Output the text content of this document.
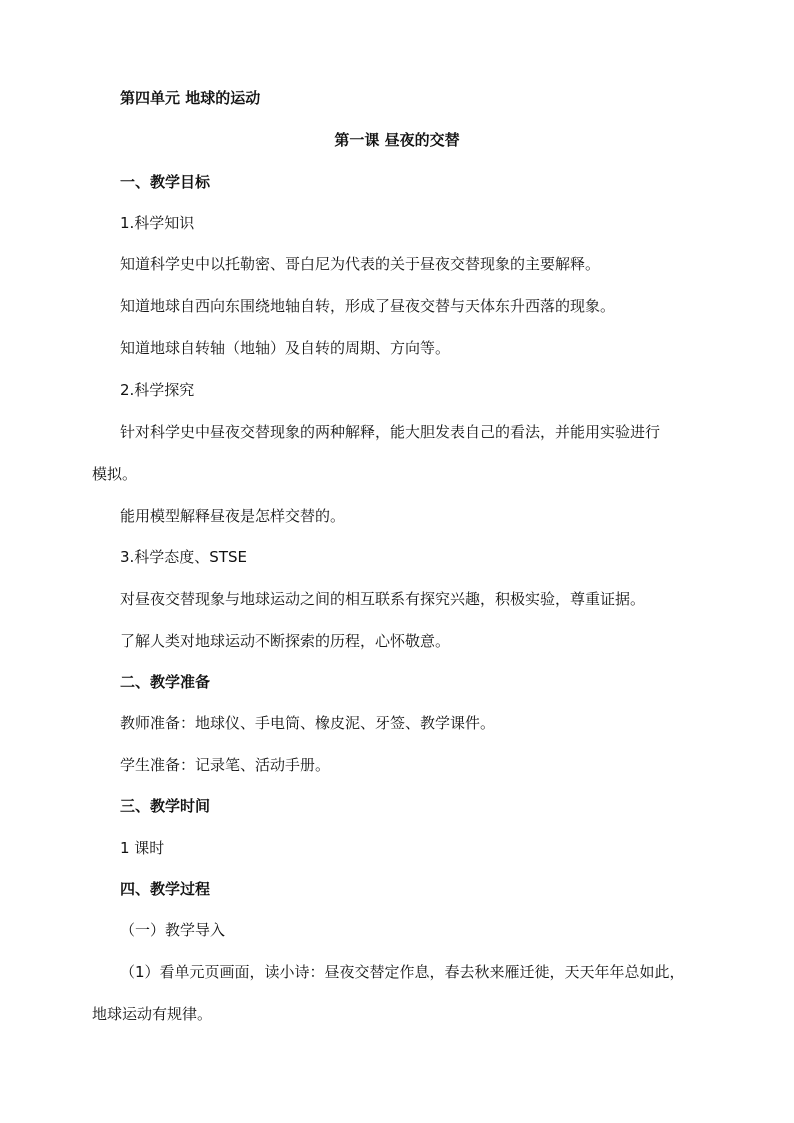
第四单元 地球的运动
第一课 昼夜的交替
一、教学目标
1.科学知识
知道科学史中以托勒密、哥白尼为代表的关于昼夜交替现象的主要解释。
知道地球自西向东围绕地轴自转，形成了昼夜交替与天体东升西落的现象。
知道地球自转轴（地轴）及自转的周期、方向等。
2.科学探究
针对科学史中昼夜交替现象的两种解释，能大胆发表自己的看法，并能用实验进行
模拟。
能用模型解释昼夜是怎样交替的。
3.科学态度、STSE
对昼夜交替现象与地球运动之间的相互联系有探究兴趣，积极实验，尊重证据。
了解人类对地球运动不断探索的历程，心怀敬意。
二、教学准备
教师准备：地球仪、手电筒、橡皮泥、牙签、教学课件。
学生准备：记录笔、活动手册。
三、教学时间
1 课时
四、教学过程
（一）教学导入
（1）看单元页画面，读小诗：昼夜交替定作息，春去秋来雁迁徙，天天年年总如此，
地球运动有规律。
